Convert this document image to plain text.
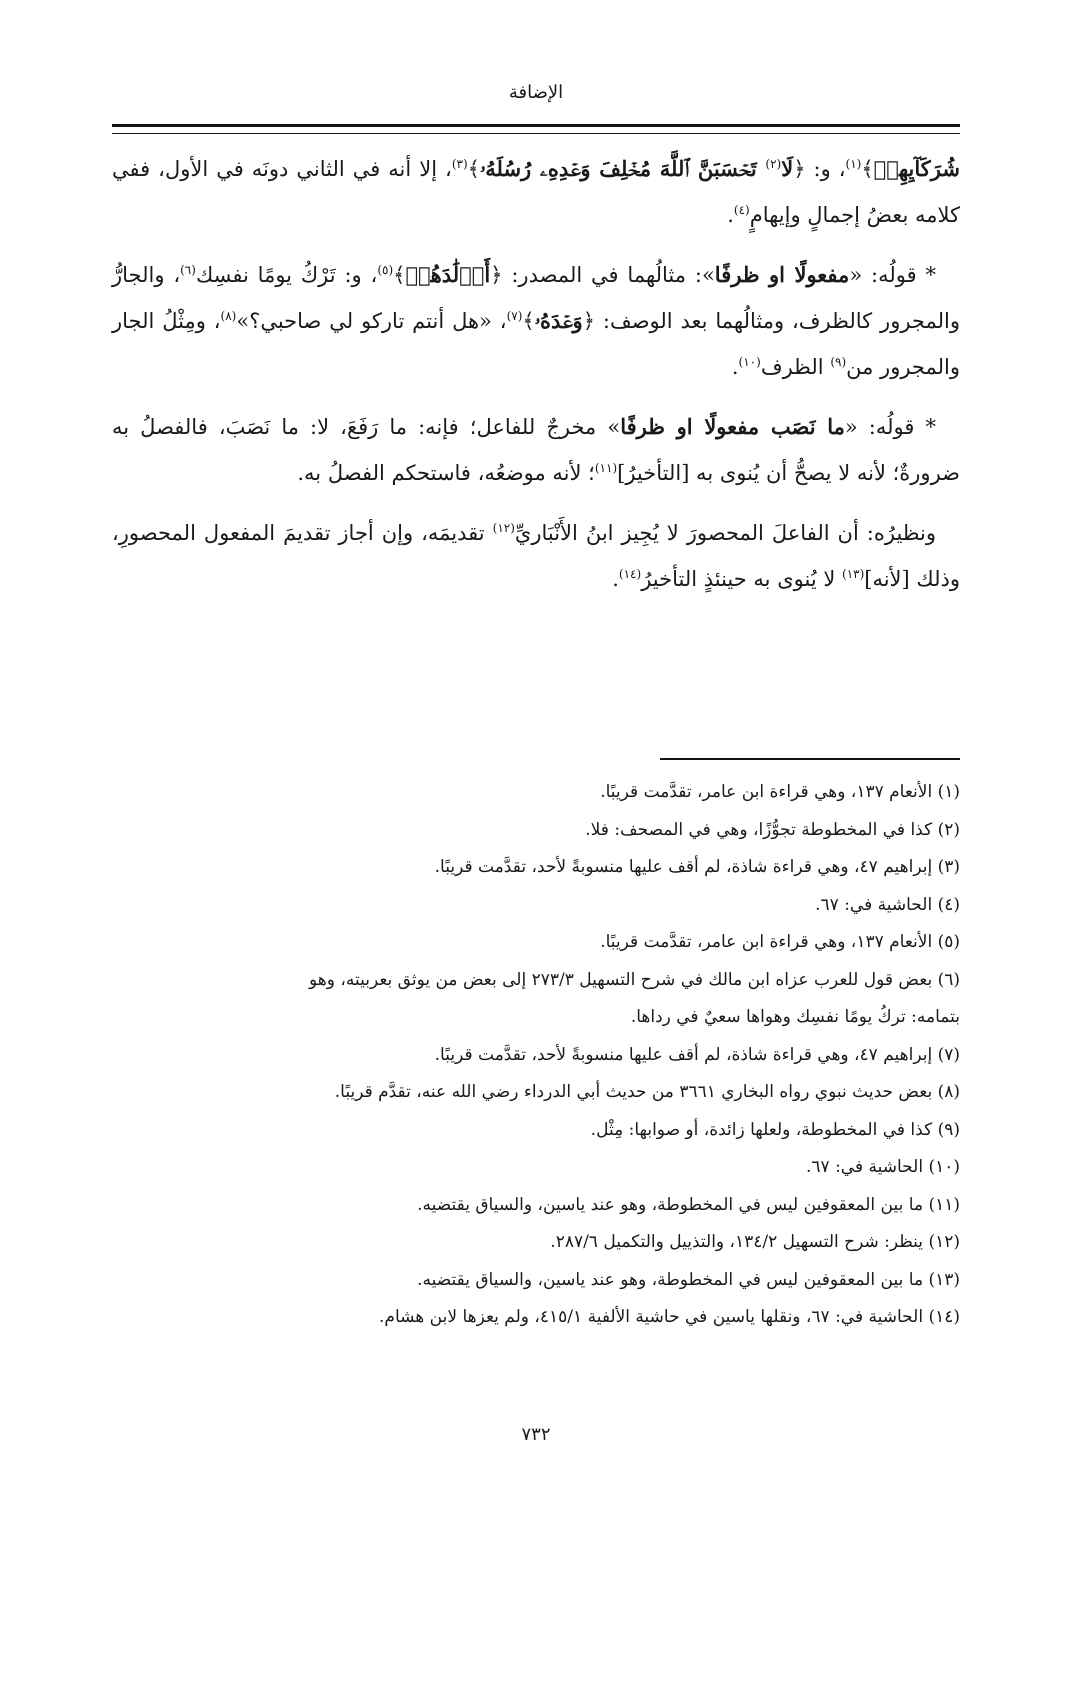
الإضافة

شُرَكَآيِهِمۡ﴾$^{(١)}$، و: ﴿لَا$^{(٢)}$ تَحۡسَبَنَّ ٱللَّهَ مُخۡلِفَ وَعۡدِهِۦ رُسُلَهُۥ﴾$^{(٣)}$، إلا أنه في الثاني دونَه في الأول، ففي كلامه بعضُ إجمالٍ وإيهامٍ$^{(٤)}$.

* قولُه: «مفعولًا او ظرفًا»: مثالُهما في المصدر: ﴿أَوۡلَٰدَهُمۡ﴾$^{(٥)}$، و: تَرْكُ يومًا نفسِك$^{(٦)}$، والجارُّ والمجرور كالظرف، ومثالُهما بعد الوصف: ﴿وَعۡدَهُۥ﴾$^{(٧)}$، «هل أنتم تاركو لي صاحبي؟»$^{(٨)}$، ومِثْلُ الجار والمجرور من$^{(٩)}$ الظرف$^{(١٠)}$.

* قولُه: «ما نَصَب مفعولًا او ظرفًا» مخرجٌ للفاعل؛ فإنه: ما رَفَعَ، لا: ما نَصَبَ، فالفصلُ به ضرورةٌ؛ لأنه لا يصحُّ أن يُنوى به [التأخيرُ]$^{(١١)}$؛ لأنه موضعُه، فاستحكم الفصلُ به.

ونظيرُه: أن الفاعلَ المحصورَ لا يُجِيز ابنُ الأَنْبَاريِّ$^{(١٢)}$ تقديمَه، وإن أجاز تقديمَ المفعول المحصورِ، وذلك [لأنه]$^{(١٣)}$ لا يُنوى به حينئذٍ التأخيرُ$^{(١٤)}$.

(١) الأنعام ١٣٧، وهي قراءة ابن عامر، تقدَّمت قريبًا.

(٢) كذا في المخطوطة تجوُّزًا، وهي في المصحف: فلا.

(٣) إبراهيم ٤٧، وهي قراءة شاذة، لم أقف عليها منسوبةً لأحد، تقدَّمت قريبًا.

(٤) الحاشية في: ٦٧.

(٥) الأنعام ١٣٧، وهي قراءة ابن عامر، تقدَّمت قريبًا.

(٦) بعض قول للعرب عزاه ابن مالك في شرح التسهيل ٢٧٣/٣ إلى بعض من يوثق بعربيته، وهو

بتمامه: تركُ يومًا نفسِك وهواها سعيٌ في رداها.

(٧) إبراهيم ٤٧، وهي قراءة شاذة، لم أقف عليها منسوبةً لأحد، تقدَّمت قريبًا.

(٨) بعض حديث نبوي رواه البخاري ٣٦٦١ من حديث أبي الدرداء رضي الله عنه، تقدَّم قريبًا.

(٩) كذا في المخطوطة، ولعلها زائدة، أو صوابها: مِثْل.

(١٠) الحاشية في: ٦٧.

(١١) ما بين المعقوفين ليس في المخطوطة، وهو عند ياسين، والسياق يقتضيه.

(١٢) ينظر: شرح التسهيل ١٣٤/٢، والتذييل والتكميل ٢٨٧/٦.

(١٣) ما بين المعقوفين ليس في المخطوطة، وهو عند ياسين، والسياق يقتضيه.

(١٤) الحاشية في: ٦٧، ونقلها ياسين في حاشية الألفية ٤١٥/١، ولم يعزها لابن هشام.

٧٣٢
